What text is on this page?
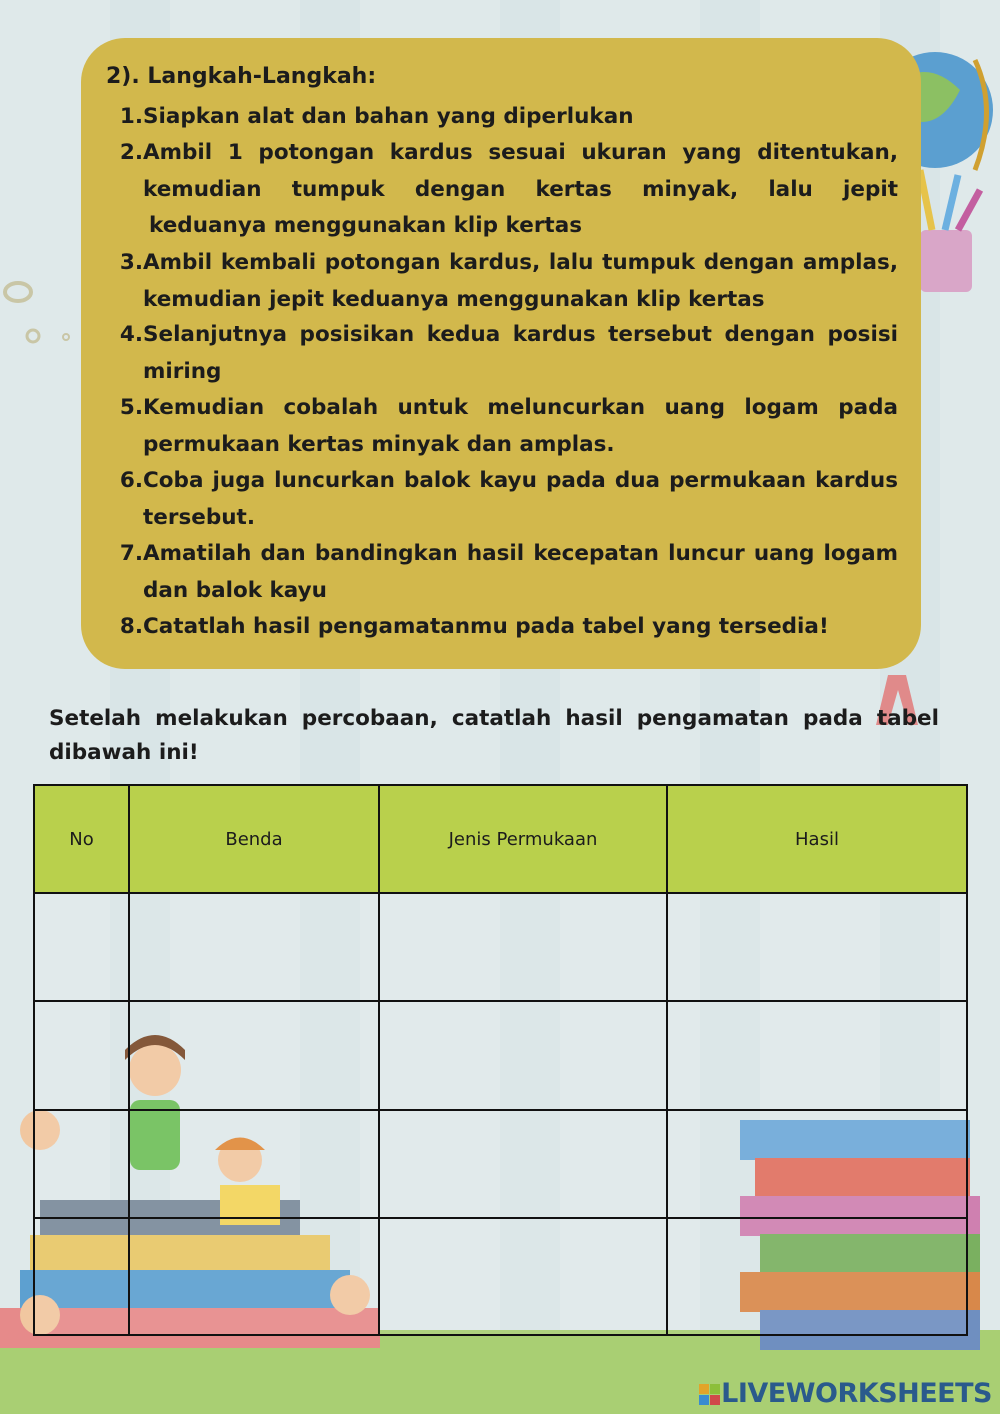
2). Langkah-Langkah:
1. Siapkan alat dan bahan yang diperlukan
2. Ambil 1 potongan kardus sesuai ukuran yang ditentukan,
kemudian tumpuk dengan kertas minyak, lalu jepit
keduanya menggunakan klip kertas
3. Ambil kembali potongan kardus, lalu tumpuk dengan amplas,
kemudian jepit keduanya menggunakan klip kertas
4. Selanjutnya posisikan kedua kardus tersebut dengan posisi
miring
5. Kemudian cobalah untuk meluncurkan uang logam pada
permukaan kertas minyak dan amplas.
6. Coba juga luncurkan balok kayu pada dua permukaan kardus
tersebut.
7. Amatilah dan bandingkan hasil kecepatan luncur uang logam
dan balok kayu
8. Catatlah hasil pengamatanmu pada tabel yang tersedia!
Setelah melakukan percobaan, catatlah hasil pengamatan pada tabel
dibawah ini!
No	Benda	Jenis Permukaan	Hasil

LIVEWORKSHEETS
